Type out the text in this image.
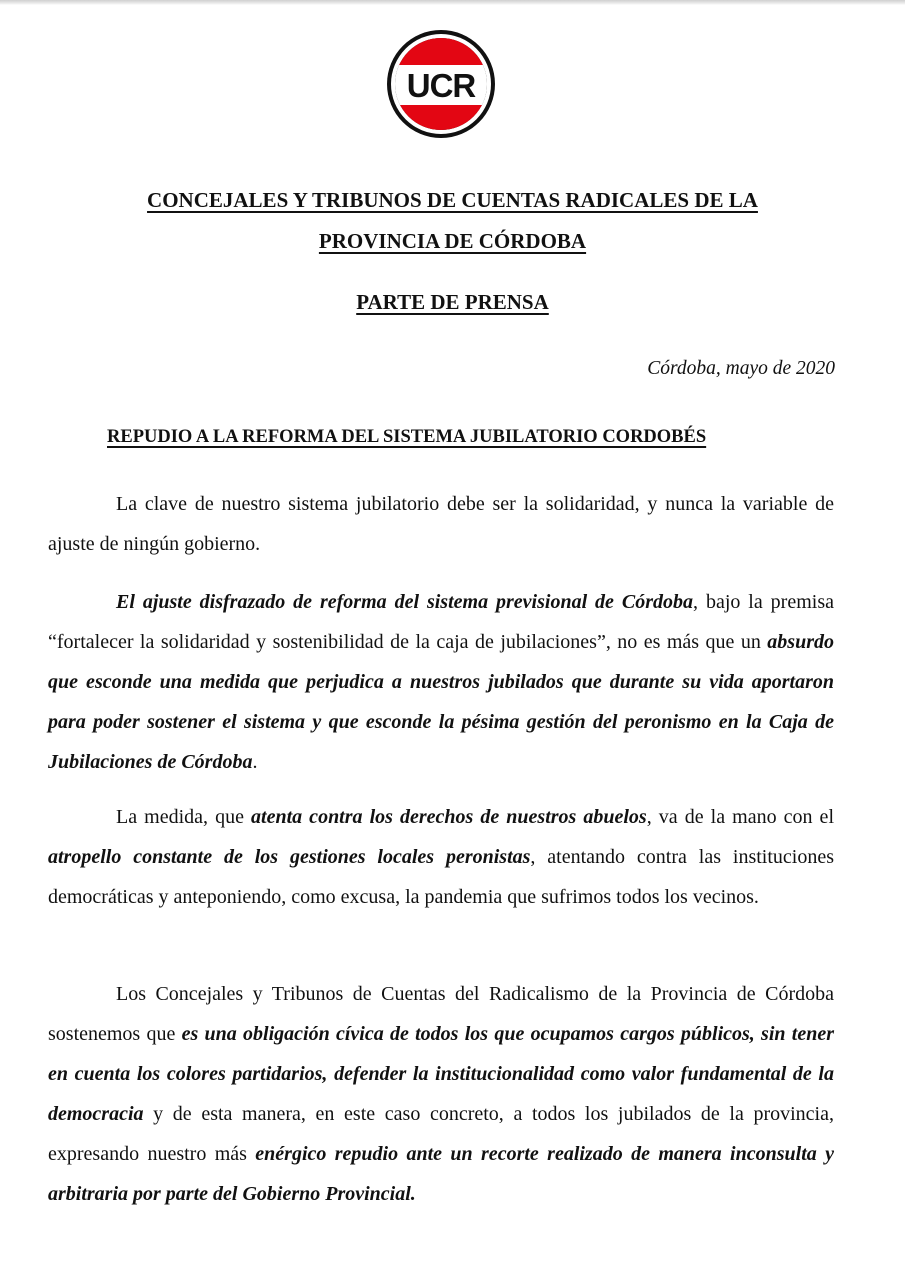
UCR
CONCEJALES Y TRIBUNOS DE CUENTAS RADICALES DE LA
PROVINCIA DE CÓRDOBA
PARTE DE PRENSA
Córdoba, mayo de 2020
REPUDIO A LA REFORMA DEL SISTEMA JUBILATORIO CORDOBÉS
La clave de nuestro sistema jubilatorio debe ser la solidaridad, y nunca la variable de ajuste de ningún gobierno.
El ajuste disfrazado de reforma del sistema previsional de Córdoba, bajo la premisa “fortalecer la solidaridad y sostenibilidad de la caja de jubilaciones”, no es más que un absurdo que esconde una medida que perjudica a nuestros jubilados que durante su vida aportaron para poder sostener el sistema y que esconde la pésima gestión del peronismo en la Caja de Jubilaciones de Córdoba.
La medida, que atenta contra los derechos de nuestros abuelos, va de la mano con el atropello constante de los gestiones locales peronistas, atentando contra las instituciones democráticas y anteponiendo, como excusa, la pandemia que sufrimos todos los vecinos.
Los Concejales y Tribunos de Cuentas del Radicalismo de la Provincia de Córdoba sostenemos que es una obligación cívica de todos los que ocupamos cargos públicos, sin tener en cuenta los colores partidarios, defender la institucionalidad como valor fundamental de la democracia y de esta manera, en este caso concreto, a todos los jubilados de la provincia, expresando nuestro más enérgico repudio ante un recorte realizado de manera inconsulta y arbitraria por parte del Gobierno Provincial.
